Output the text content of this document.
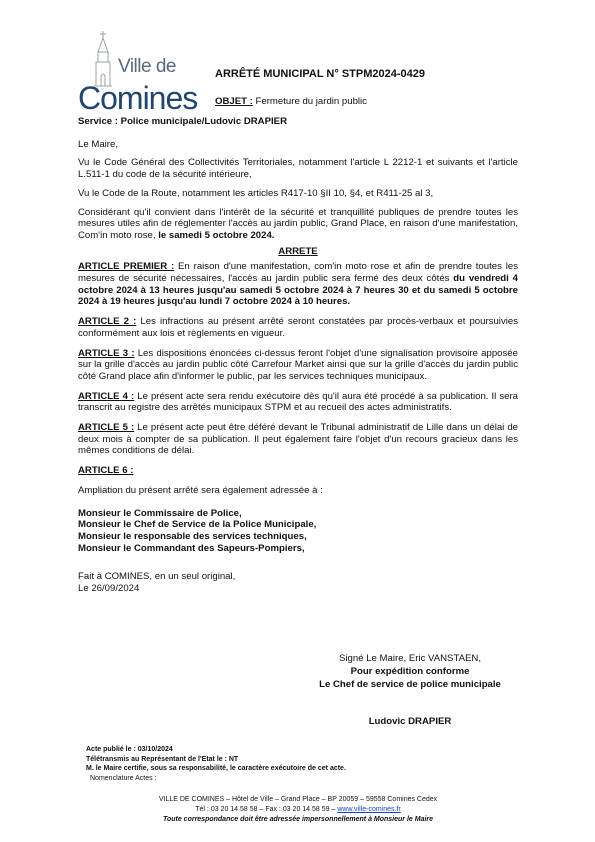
Ville de
Comines
ARRÊTÉ MUNICIPAL N° STPM2024-0429
OBJET : Fermeture du jardin public

Service : Police municipale/Ludovic DRAPIER

Le Maire,

Vu le Code Général des Collectivités Territoriales, notamment l'article L 2212-1 et suivants et l'article L.511-1 du code de la sécurité intérieure,

Vu le Code de la Route, notamment les articles R417-10 §II 10, §4, et R411-25 al 3,

Considérant qu'il convient dans l'intérêt de la sécurité et tranquillité publiques de prendre toutes les mesures utiles afin de réglementer l'accès au jardin public, Grand Place, en raison d'une manifestation, Com'in moto rose, le samedi 5 octobre 2024.

ARRETE

ARTICLE PREMIER : En raison d'une manifestation, com'in moto rose et afin de prendre toutes les mesures de sécurité nécessaires, l'accès au jardin public sera fermé des deux côtés du vendredi 4 octobre 2024 à 13 heures jusqu'au samedi 5 octobre 2024 à 7 heures 30 et du samedi 5 octobre 2024 à 19 heures jusqu'au lundi 7 octobre 2024 à 10 heures.

ARTICLE 2 : Les infractions au présent arrêté seront constatées par procès-verbaux et poursuivies conformément aux lois et règlements en vigueur.

ARTICLE 3 : Les dispositions énoncées ci-dessus feront l'objet d'une signalisation provisoire apposée sur la grille d'accès au jardin public côté Carrefour Market ainsi que sur la grille d'accès du jardin public côté Grand place afin d'informer le public, par les services techniques municipaux.

ARTICLE 4 : Le présent acte sera rendu exécutoire dès qu'il aura été procédé à sa publication. Il sera transcrit au registre des arrêtés municipaux STPM et au recueil des actes administratifs.

ARTICLE 5 : Le présent acte peut être déféré devant le Tribunal administratif de Lille dans un délai de deux mois à compter de sa publication. Il peut également faire l'objet d'un recours gracieux dans les mêmes conditions de délai.

ARTICLE 6 :

Ampliation du présent arrêté sera également adressée à :

Monsieur le Commissaire de Police,

Monsieur le Chef de Service de la Police Municipale,

Monsieur le responsable des services techniques,

Monsieur le Commandant des Sapeurs-Pompiers,

Fait à COMINES, en un seul original,

Le 26/09/2024

Signé Le Maire, Eric VANSTAEN,
Pour expédition conforme
Le Chef de service de police municipale
Ludovic DRAPIER
Acte publié le : 03/10/2024
Télétransmis au Représentant de l'Etat le : NT
M. le Maire certifie, sous sa responsabilité, le caractère exécutoire de cet acte.
Nomenclature Actes :
VILLE DE COMINES – Hôtel de Ville – Grand Place – BP 20059 – 59558 Comines Cedex
Tél : 03 20 14 58 58 – Fax : 03 20 14 58 59 – www.ville-comines.fr
Toute correspondance doit être adressée impersonnellement à Monsieur le Maire
